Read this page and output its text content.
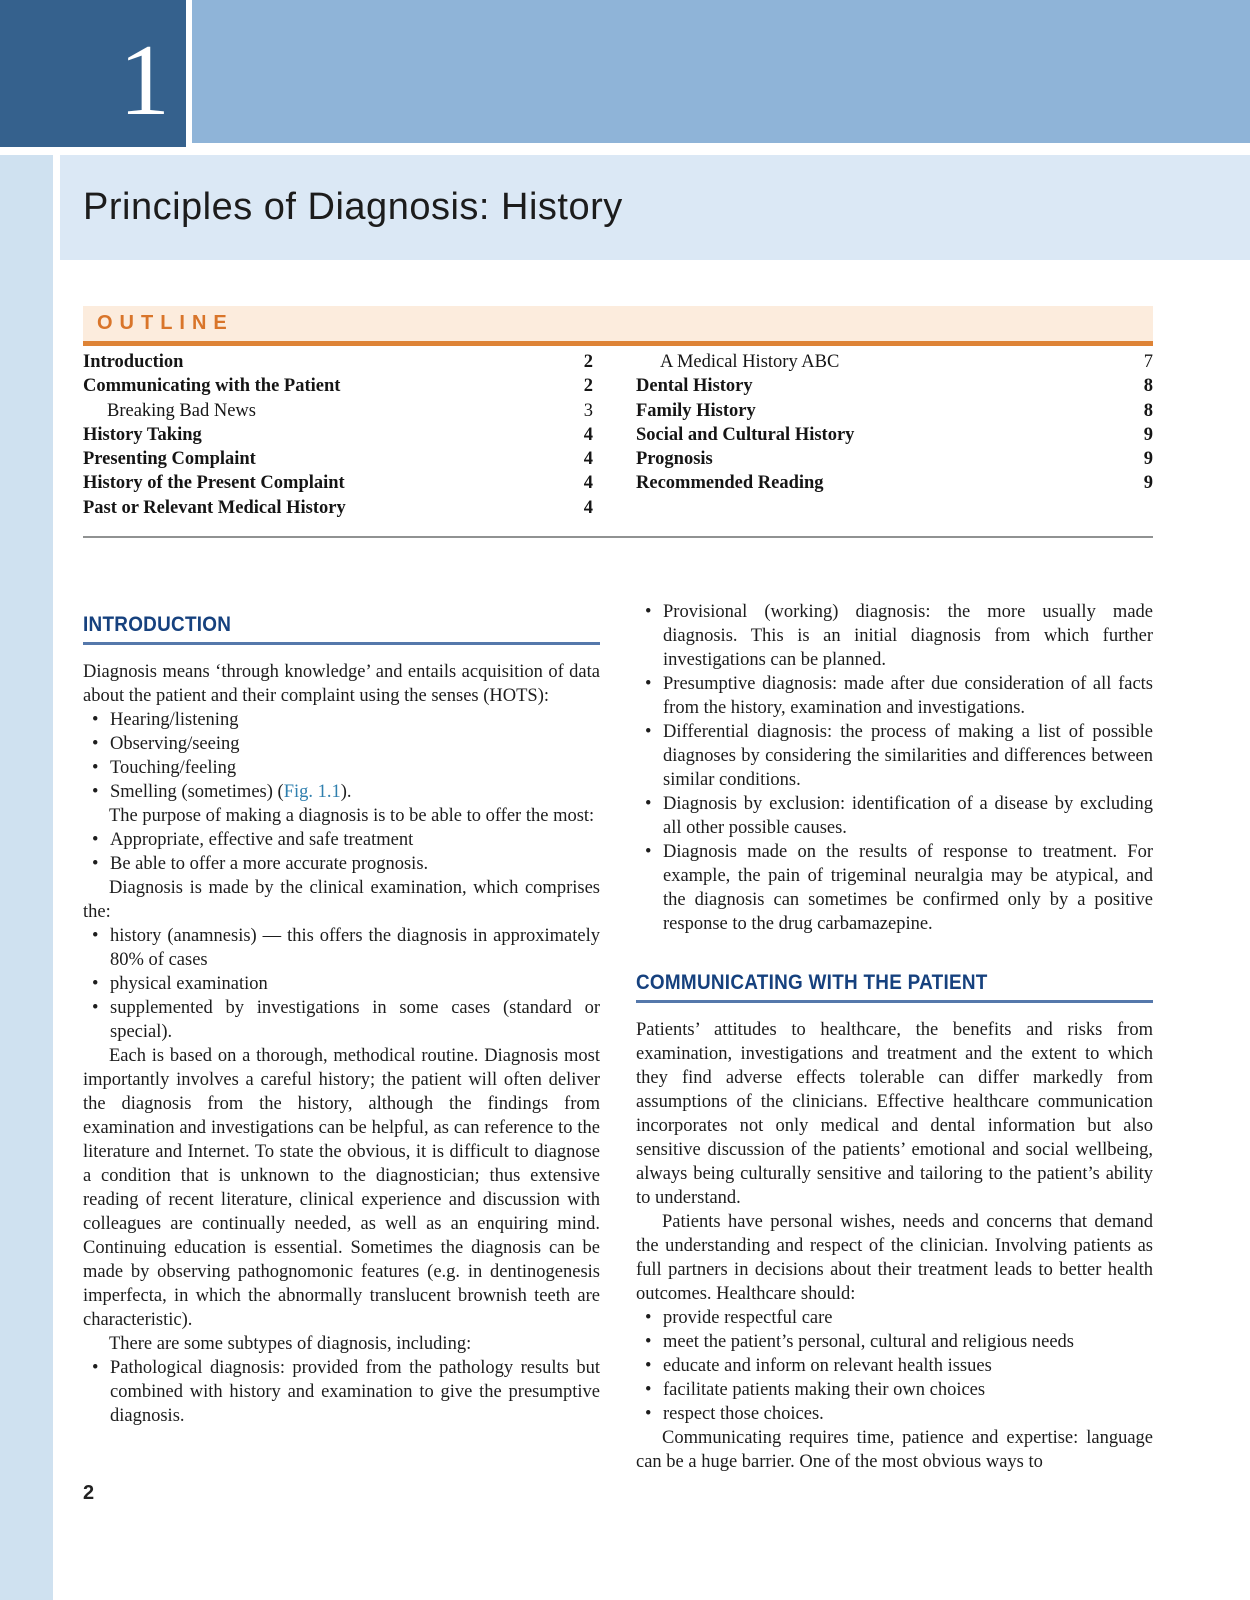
1
Principles of Diagnosis: History
OUTLINE
Introduction	2
Communicating with the Patient	2
Breaking Bad News	3
History Taking	4
Presenting Complaint	4
History of the Present Complaint	4
Past or Relevant Medical History	4
A Medical History ABC	7
Dental History	8
Family History	8
Social and Cultural History	9
Prognosis	9
Recommended Reading	9
INTRODUCTION
Diagnosis means ‘through knowledge’ and entails acquisition of data about the patient and their complaint using the senses (HOTS):
• Hearing/listening
• Observing/seeing
• Touching/feeling
• Smelling (sometimes) (Fig. 1.1).
The purpose of making a diagnosis is to be able to offer the most:
• Appropriate, effective and safe treatment
• Be able to offer a more accurate prognosis.
Diagnosis is made by the clinical examination, which comprises the:
• history (anamnesis) — this offers the diagnosis in approximately 80% of cases
• physical examination
• supplemented by investigations in some cases (standard or special).
Each is based on a thorough, methodical routine. Diagnosis most importantly involves a careful history; the patient will often deliver the diagnosis from the history, although the findings from examination and investigations can be helpful, as can reference to the literature and Internet. To state the obvious, it is difficult to diagnose a condition that is unknown to the diagnostician; thus extensive reading of recent literature, clinical experience and discussion with colleagues are continually needed, as well as an enquiring mind. Continuing education is essential. Sometimes the diagnosis can be made by observing pathognomonic features (e.g. in dentinogenesis imperfecta, in which the abnormally translucent brownish teeth are characteristic).
There are some subtypes of diagnosis, including:
• Pathological diagnosis: provided from the pathology results but combined with history and examination to give the presumptive diagnosis.
• Provisional (working) diagnosis: the more usually made diagnosis. This is an initial diagnosis from which further investigations can be planned.
• Presumptive diagnosis: made after due consideration of all facts from the history, examination and investigations.
• Differential diagnosis: the process of making a list of possible diagnoses by considering the similarities and differences between similar conditions.
• Diagnosis by exclusion: identification of a disease by excluding all other possible causes.
• Diagnosis made on the results of response to treatment. For example, the pain of trigeminal neuralgia may be atypical, and the diagnosis can sometimes be confirmed only by a positive response to the drug carbamazepine.
COMMUNICATING WITH THE PATIENT
Patients’ attitudes to healthcare, the benefits and risks from examination, investigations and treatment and the extent to which they find adverse effects tolerable can differ markedly from assumptions of the clinicians. Effective healthcare communication incorporates not only medical and dental information but also sensitive discussion of the patients’ emotional and social wellbeing, always being culturally sensitive and tailoring to the patient’s ability to understand.
Patients have personal wishes, needs and concerns that demand the understanding and respect of the clinician. Involving patients as full partners in decisions about their treatment leads to better health outcomes. Healthcare should:
• provide respectful care
• meet the patient’s personal, cultural and religious needs
• educate and inform on relevant health issues
• facilitate patients making their own choices
• respect those choices.
Communicating requires time, patience and expertise: language can be a huge barrier. One of the most obvious ways to
2
